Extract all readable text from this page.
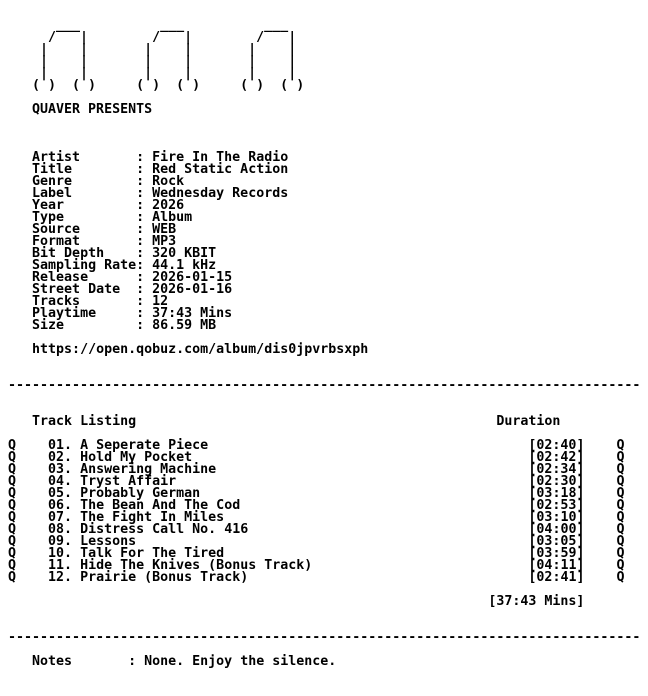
___          ___          ___
/   |        /   |        /   |
|    |       |    |       |    |
|    |       |    |       |    |
|    |       |    |       |    |
( )  ( )     ( )  ( )     ( )  ( )
QUAVER PRESENTS
Artist       : Fire In The Radio
Title        : Red Static Action
Genre        : Rock
Label        : Wednesday Records
Year         : 2026
Type         : Album
Source       : WEB
Format       : MP3
Bit Depth    : 320 KBIT
Sampling Rate: 44.1 kHz
Release      : 2026-01-15
Street Date  : 2026-01-16
Tracks       : 12
Playtime     : 37:43 Mins
Size         : 86.59 MB
https://open.qobuz.com/album/dis0jpvrbsxph
-------------------------------------------------------------------------------
Track Listing	Duration
Q 01. A Seperate Piece	[02:40] Q
Q 02. Hold My Pocket	[02:42] Q
Q 03. Answering Machine	[02:34] Q
Q 04. Tryst Affair	[02:30] Q
Q 05. Probably German	[03:18] Q
Q 06. The Bean And The Cod	[02:53] Q
Q 07. The Fight In Miles	[03:10] Q
Q 08. Distress Call No. 416	[04:00] Q
Q 09. Lessons	[03:05] Q
Q 10. Talk For The Tired	[03:59] Q
Q 11. Hide The Knives (Bonus Track)	[04:11] Q
Q 12. Prairie (Bonus Track)	[02:41] Q
[37:43 Mins]
-------------------------------------------------------------------------------
Notes       : None. Enjoy the silence.
